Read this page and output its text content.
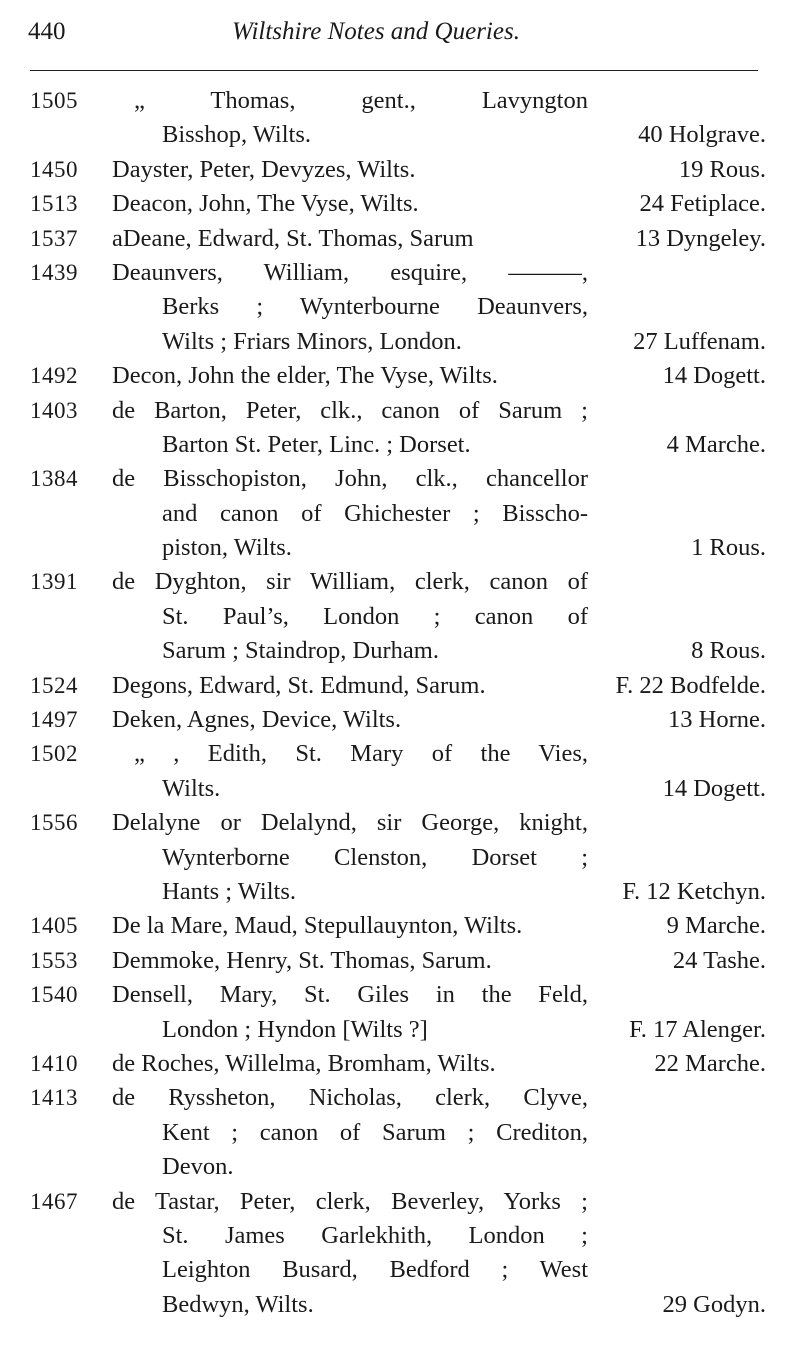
440	Wiltshire Notes and Queries.
1505 „ Thomas, gent., Lavyngton
Bisshop, Wilts.	40 Holgrave.
1450 Dayster, Peter, Devyzes, Wilts.	19 Rous.
1513 Deacon, John, The Vyse, Wilts.	24 Fetiplace.
1537 aDeane, Edward, St. Thomas, Sarum	13 Dyngeley.
1439 Deaunvers, William, esquire, ———,
Berks ; Wynterbourne Deaunvers,
Wilts ; Friars Minors, London.	27 Luffenam.
1492 Decon, John the elder, The Vyse, Wilts.	14 Dogett.
1403 de Barton, Peter, clk., canon of Sarum ;
Barton St. Peter, Linc. ; Dorset.	4 Marche.
1384 de Bisschopiston, John, clk., chancellor
and canon of Ghichester ; Bisscho-
piston, Wilts.	1 Rous.
1391 de Dyghton, sir William, clerk, canon of
St. Paul’s, London ; canon of
Sarum ; Staindrop, Durham.	8 Rous.
1524 Degons, Edward, St. Edmund, Sarum.	F. 22 Bodfelde.
1497 Deken, Agnes, Device, Wilts.	13 Horne.
1502 „ , Edith, St. Mary of the Vies,
Wilts.	14 Dogett.
1556 Delalyne or Delalynd, sir George, knight,
Wynterborne Clenston, Dorset ;
Hants ; Wilts.	F. 12 Ketchyn.
1405 De la Mare, Maud, Stepullauynton, Wilts.	9 Marche.
1553 Demmoke, Henry, St. Thomas, Sarum.	24 Tashe.
1540 Densell, Mary, St. Giles in the Feld,
London ; Hyndon [Wilts ?]	F. 17 Alenger.
1410 de Roches, Willelma, Bromham, Wilts.	22 Marche.
1413 de Ryssheton, Nicholas, clerk, Clyve,
Kent ; canon of Sarum ; Crediton,
Devon.
1467 de Tastar, Peter, clerk, Beverley, Yorks ;
St. James Garlekhith, London ;
Leighton Busard, Bedford ; West
Bedwyn, Wilts.	29 Godyn.
